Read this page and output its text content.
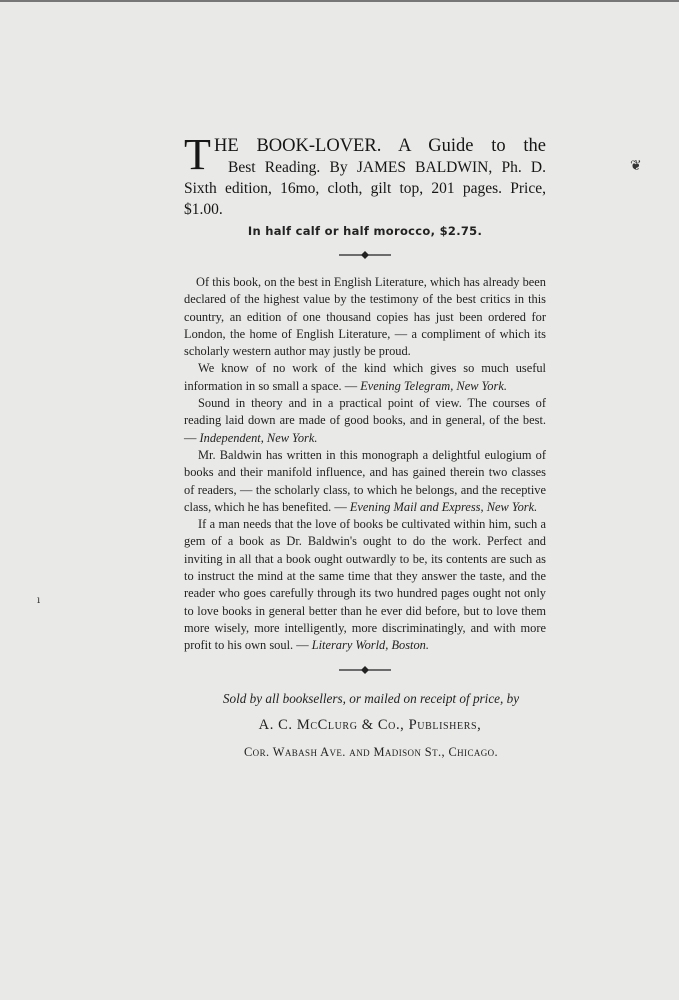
T HE BOOK-LOVER. A Guide to the
Best Reading. By JAMES BALDWIN, Ph. D.
Sixth edition, 16mo, cloth, gilt top, 201 pages. Price,
$1.00.
In half calf or half morocco, $2.75.

Of this book, on the best in English Literature, which has already been declared of the highest value by the testimony of the best critics in this country, an edition of one thousand copies has just been ordered for London, the home of English Literature, — a compliment of which its scholarly western author may justly be proud.

We know of no work of the kind which gives so much useful information in so small a space. — Evening Telegram, New York.

Sound in theory and in a practical point of view. The courses of reading laid down are made of good books, and in general, of the best. — Independent, New York.

Mr. Baldwin has written in this monograph a delightful eulogium of books and their manifold influence, and has gained therein two classes of readers, — the scholarly class, to which he belongs, and the receptive class, which he has benefited. — Evening Mail and Express, New York.

If a man needs that the love of books be cultivated within him, such a gem of a book as Dr. Baldwin's ought to do the work. Perfect and inviting in all that a book ought outwardly to be, its contents are such as to instruct the mind at the same time that they answer the taste, and the reader who goes carefully through its two hundred pages ought not only to love books in general better than he ever did before, but to love them more wisely, more intelligently, more discriminatingly, and with more profit to his own soul. — Literary World, Boston.

Sold by all booksellers, or mailed on receipt of price, by
A. C. McClurg & Co., Publishers,
Cor. Wabash Ave. and Madison St., Chicago.
❦
ı
